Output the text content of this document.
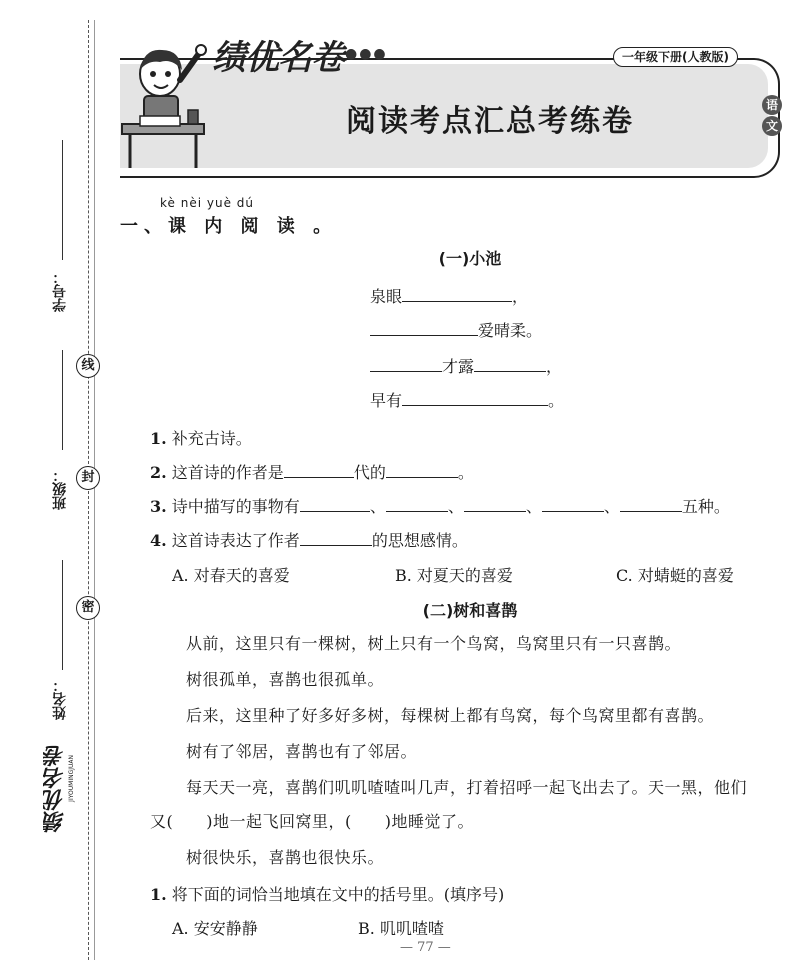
学号：
线
班级：	封
密
姓名：
绩优名卷 JIYOUMINGJUAN
绩优名卷 ●●●	一年级下册(人教版)
阅读考点汇总考练卷	语
文
kè nèi yuè dú
一、课 内 阅 读 。
(一)小池
泉眼	，
爱晴柔。
才露	，
早有	。
1. 补充古诗。
2. 这首诗的作者是	代的	。
3. 诗中描写的事物有	、	、	、	、	五种。
4. 这首诗表达了作者	的思想感情。
A. 对春天的喜爱	B. 对夏天的喜爱	C. 对蜻蜓的喜爱
(二)树和喜鹊
从前，这里只有一棵树，树上只有一个鸟窝，鸟窝里只有一只喜鹊。
树很孤单，喜鹊也很孤单。
后来，这里种了好多好多树，每棵树上都有鸟窝，每个鸟窝里都有喜鹊。
树有了邻居，喜鹊也有了邻居。
每天天一亮，喜鹊们叽叽喳喳叫几声，打着招呼一起飞出去了。天一黑，他们
又(　　)地一起飞回窝里，(　　)地睡觉了。
树很快乐，喜鹊也很快乐。
1. 将下面的词恰当地填在文中的括号里。(填序号)
A. 安安静静	B. 叽叽喳喳
— 77 —
